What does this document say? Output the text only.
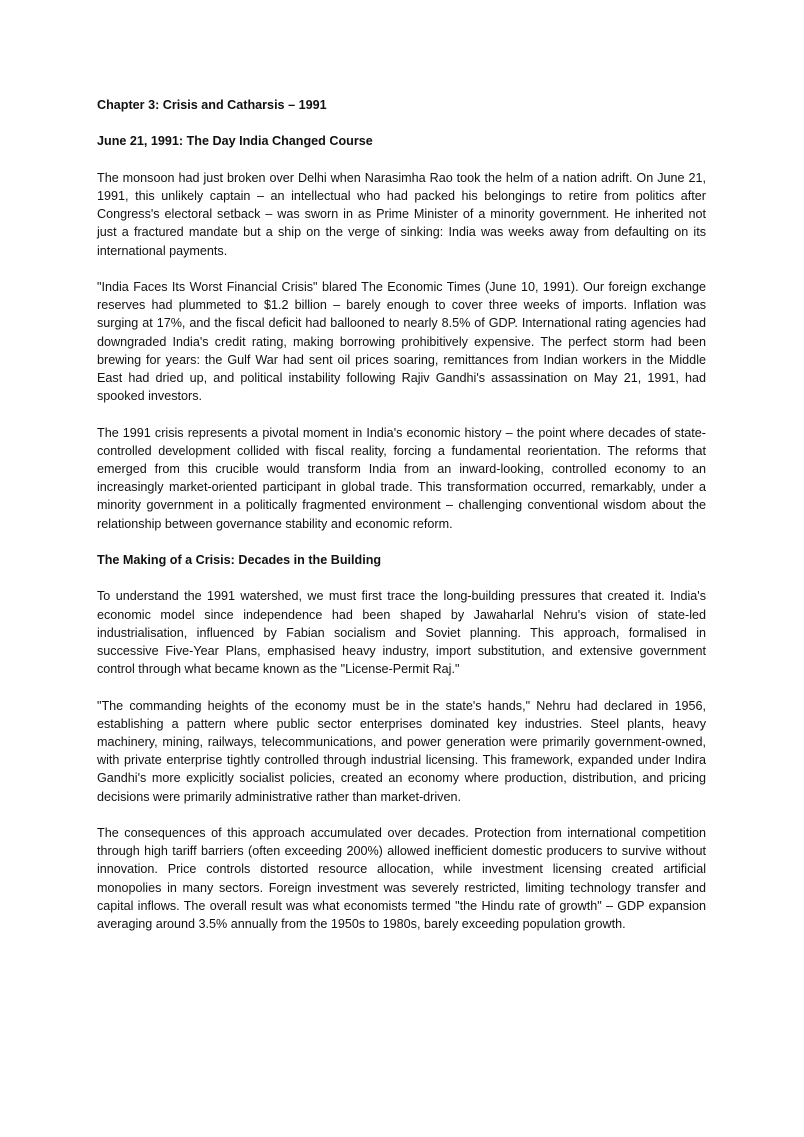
Chapter 3: Crisis and Catharsis – 1991

June 21, 1991: The Day India Changed Course

The monsoon had just broken over Delhi when Narasimha Rao took the helm of a nation adrift. On June 21, 1991, this unlikely captain – an intellectual who had packed his belongings to retire from politics after Congress's electoral setback – was sworn in as Prime Minister of a minority government. He inherited not just a fractured mandate but a ship on the verge of sinking: India was weeks away from defaulting on its international payments.

"India Faces Its Worst Financial Crisis" blared The Economic Times (June 10, 1991). Our foreign exchange reserves had plummeted to $1.2 billion – barely enough to cover three weeks of imports. Inflation was surging at 17%, and the fiscal deficit had ballooned to nearly 8.5% of GDP. International rating agencies had downgraded India's credit rating, making borrowing prohibitively expensive. The perfect storm had been brewing for years: the Gulf War had sent oil prices soaring, remittances from Indian workers in the Middle East had dried up, and political instability following Rajiv Gandhi's assassination on May 21, 1991, had spooked investors.

The 1991 crisis represents a pivotal moment in India's economic history – the point where decades of state-controlled development collided with fiscal reality, forcing a fundamental reorientation. The reforms that emerged from this crucible would transform India from an inward-looking, controlled economy to an increasingly market-oriented participant in global trade. This transformation occurred, remarkably, under a minority government in a politically fragmented environment – challenging conventional wisdom about the relationship between governance stability and economic reform.

The Making of a Crisis: Decades in the Building

To understand the 1991 watershed, we must first trace the long-building pressures that created it. India's economic model since independence had been shaped by Jawaharlal Nehru's vision of state-led industrialisation, influenced by Fabian socialism and Soviet planning. This approach, formalised in successive Five-Year Plans, emphasised heavy industry, import substitution, and extensive government control through what became known as the "License-Permit Raj."

"The commanding heights of the economy must be in the state's hands," Nehru had declared in 1956, establishing a pattern where public sector enterprises dominated key industries. Steel plants, heavy machinery, mining, railways, telecommunications, and power generation were primarily government-owned, with private enterprise tightly controlled through industrial licensing. This framework, expanded under Indira Gandhi's more explicitly socialist policies, created an economy where production, distribution, and pricing decisions were primarily administrative rather than market-driven.

The consequences of this approach accumulated over decades. Protection from international competition through high tariff barriers (often exceeding 200%) allowed inefficient domestic producers to survive without innovation. Price controls distorted resource allocation, while investment licensing created artificial monopolies in many sectors. Foreign investment was severely restricted, limiting technology transfer and capital inflows. The overall result was what economists termed "the Hindu rate of growth" – GDP expansion averaging around 3.5% annually from the 1950s to 1980s, barely exceeding population growth.
